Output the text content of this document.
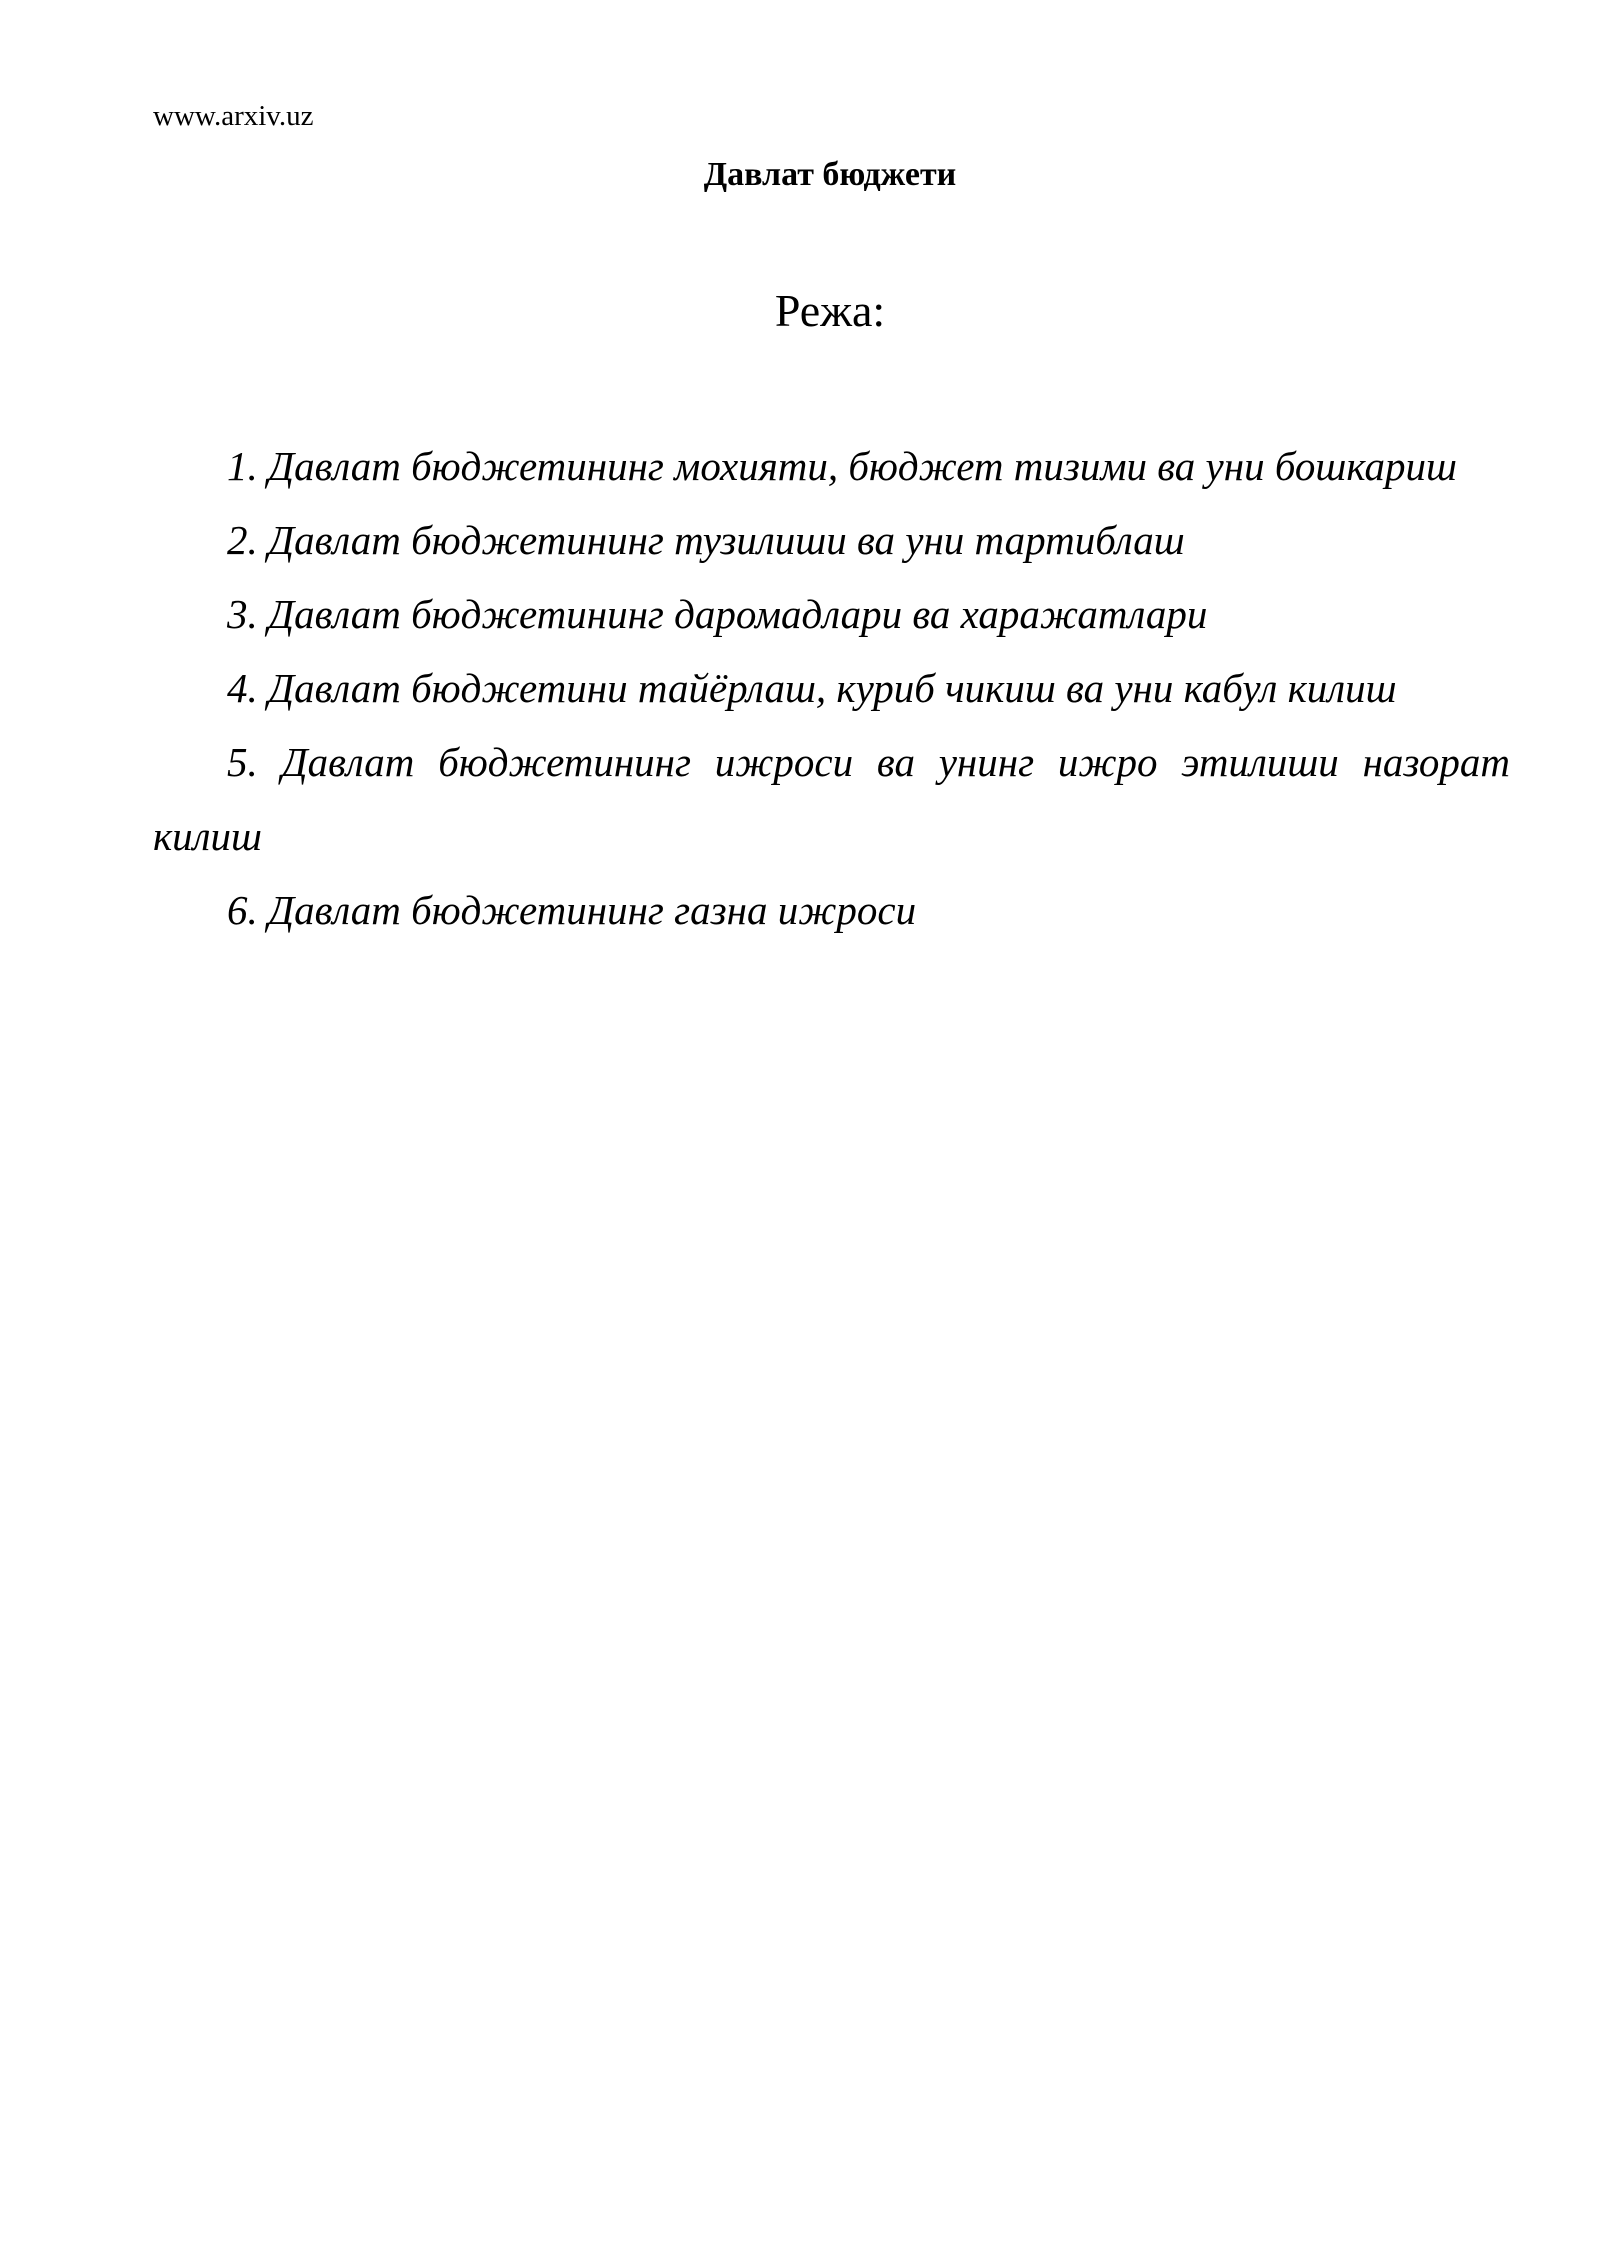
www.arxiv.uz
Давлат бюджети
Режа:
1. Давлат бюджетининг мохияти, бюджет тизими ва уни бошкариш
2. Давлат бюджетининг тузилиши ва уни тартиблаш
3. Давлат бюджетининг даромадлари ва харажатлари
4. Давлат бюджетини тайёрлаш, куриб чикиш ва уни кабул килиш
5. Давлат бюджетининг ижроси ва унинг ижро этилиши назорат
килиш
6. Давлат бюджетининг газна ижроси
